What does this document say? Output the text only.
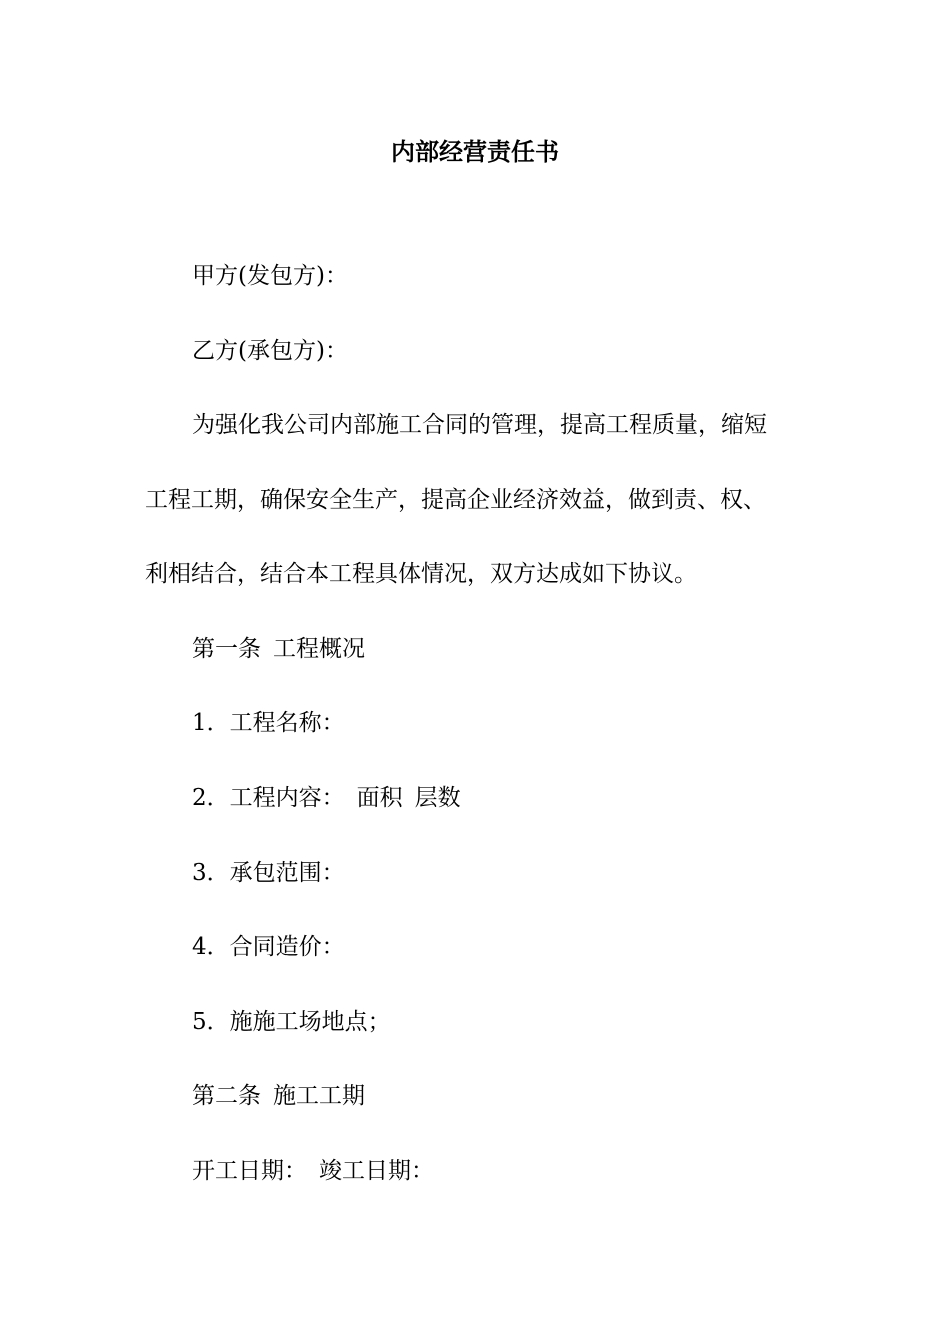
内部经营责任书
甲方(发包方)：
乙方(承包方)：
为强化我公司内部施工合同的管理，提高工程质量，缩短
工程工期，确保安全生产，提高企业经济效益，做到责、权、
利相结合，结合本工程具体情况，双方达成如下协议。
第一条 工程概况
1．工程名称：
2．工程内容： 面积 层数
3．承包范围：
4．合同造价：
5．施施工场地点；
第二条 施工工期
开工日期： 竣工日期：
